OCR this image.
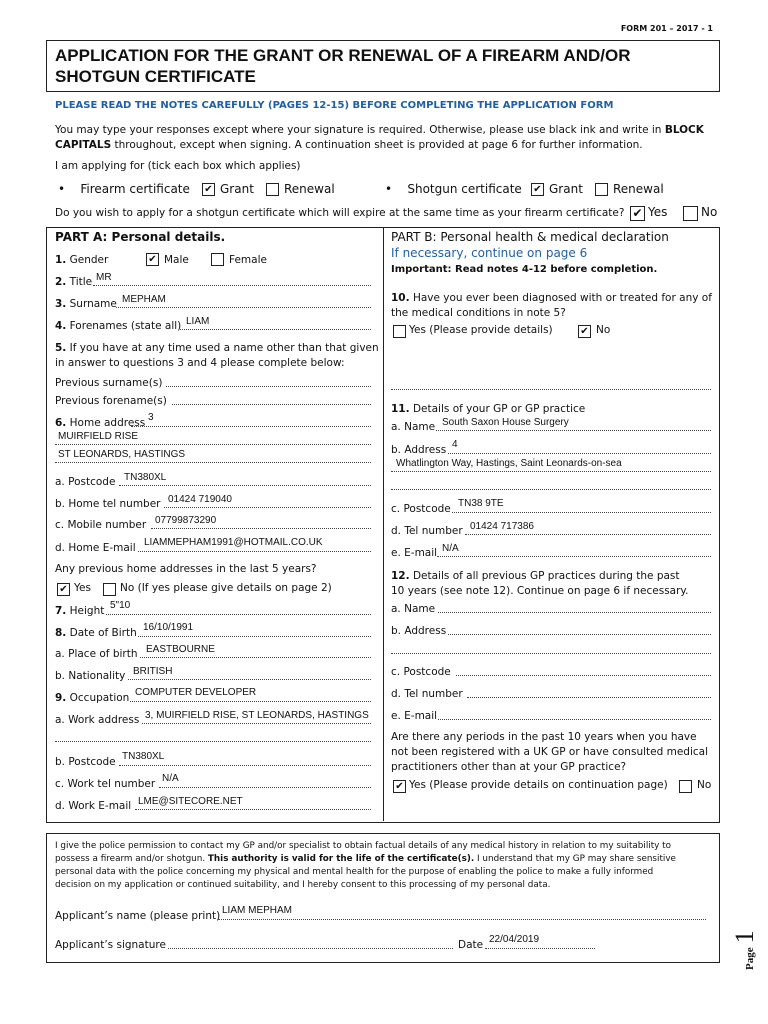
FORM 201 – 2017 - 1
APPLICATION FOR THE GRANT OR RENEWAL OF A FIREARM AND/OR SHOTGUN CERTIFICATE
PLEASE READ THE NOTES CAREFULLY (PAGES 12-15) BEFORE COMPLETING THE APPLICATION FORM
You may type your responses except where your signature is required. Otherwise, please use black ink and write in BLOCK CAPITALS throughout, except when signing. A continuation sheet is provided at page 6 for further information.
I am applying for (tick each box which applies)
• Firearm certificate ✔ Grant	Renewal	• Shotgun certificate ✔ Grant	Renewal
Do you wish to apply for a shotgun certificate which will expire at the same time as your firearm certificate? ✔ Yes	No
PART A: Personal details.
1. Gender	✔ Male	Female
2. Title MR
3. Surname MEPHAM
4. Forenames (state all) LIAM
5. If you have at any time used a name other than that given
in answer to questions 3 and 4 please complete below:
Previous surname(s)
Previous forename(s)
6. Home address 3
MUIRFIELD RISE
ST LEONARDS, HASTINGS
a. Postcode TN380XL
b. Home tel number 01424 719040
c. Mobile number 07799873290
d. Home E-mail LIAMMEPHAM1991@HOTMAIL.CO.UK
Any previous home addresses in the last 5 years?
✔ Yes	No (If yes please give details on page 2)
7. Height 5"10
8. Date of Birth 16/10/1991
a. Place of birth EASTBOURNE
b. Nationality BRITISH
9. Occupation COMPUTER DEVELOPER
a. Work address 3, MUIRFIELD RISE, ST LEONARDS, HASTINGS
b. Postcode TN380XL
c. Work tel number N/A
d. Work E-mail LME@SITECORE.NET
PART B: Personal health & medical declaration
If necessary, continue on page 6
Important: Read notes 4-12 before completion.
10. Have you ever been diagnosed with or treated for any of
the medical conditions in note 5?
Yes (Please provide details)	✔ No
11. Details of your GP or GP practice
a. Name South Saxon House Surgery
b. Address 4
Whatlington Way, Hastings, Saint Leonards-on-sea
c. Postcode TN38 9TE
d. Tel number 01424 717386
e. E-mail N/A
12. Details of all previous GP practices during the past
10 years (see note 12). Continue on page 6 if necessary.
a. Name
b. Address
c. Postcode
d. Tel number
e. E-mail
Are there any periods in the past 10 years when you have
not been registered with a UK GP or have consulted medical
practitioners other than at your GP practice?
✔ Yes (Please provide details on continuation page)	No
I give the police permission to contact my GP and/or specialist to obtain factual details of any medical history in relation to my suitability to
possess a firearm and/or shotgun. This authority is valid for the life of the certificate(s). I understand that my GP may share sensitive
personal data with the police concerning my physical and mental health for the purpose of enabling the police to make a fully informed
decision on my application or continued suitability, and I hereby consent to this processing of my personal data.
Applicant’s name (please print) LIAM MEPHAM
Applicant’s signature	Date 22/04/2019
Page 1
